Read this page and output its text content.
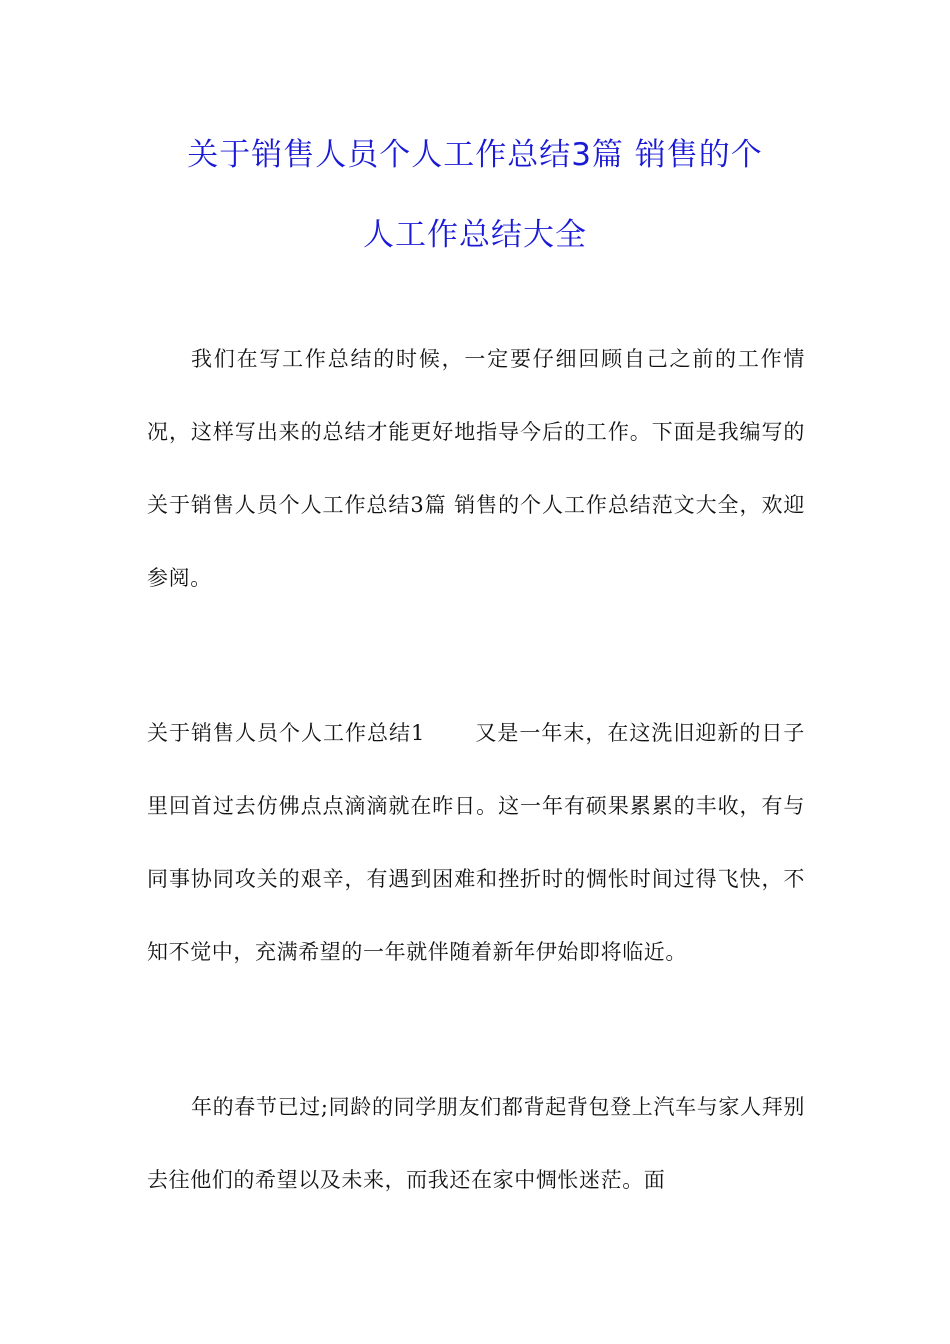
关于销售人员个人工作总结3篇 销售的个
人工作总结大全

我们在写工作总结的时候，一定要仔细回顾自己之前的工作情况，这样写出来的总结才能更好地指导今后的工作。下面是我编写的关于销售人员个人工作总结3篇 销售的个人工作总结范文大全，欢迎参阅。

关于销售人员个人工作总结1 又是一年末，在这洗旧迎新的日子里回首过去仿佛点点滴滴就在昨日。这一年有硕果累累的丰收，有与同事协同攻关的艰辛，有遇到困难和挫折时的惆怅时间过得飞快，不知不觉中，充满希望的一年就伴随着新年伊始即将临近。

年的春节已过;同龄的同学朋友们都背起背包登上汽车与家人拜别去往他们的希望以及未来，而我还在家中惆怅迷茫。面
